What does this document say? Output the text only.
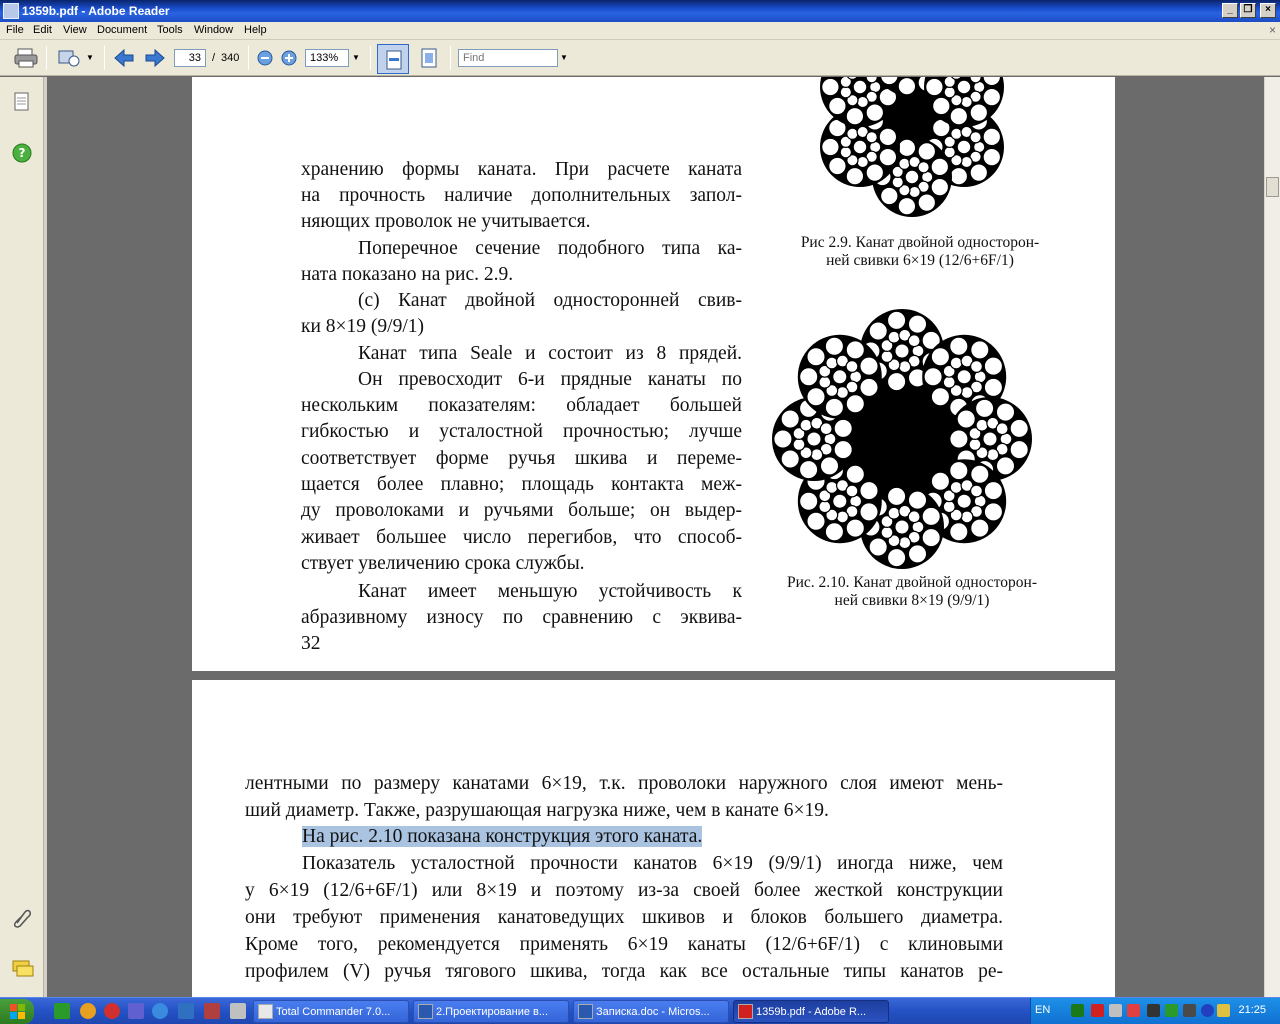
1359b.pdf - Adobe Reader	_	❐	×
File Edit View Document Tools Window Help	×
▼
33	/ 340
133%	▼
Find	▼
?
хранению формы каната. При расчете каната
на прочность наличие дополнительных запол-
няющих проволок не учитывается.
Поперечное сечение подобного типа ка-
ната показано на рис. 2.9.
(с) Канат двойной односторонней свив-
ки 8×19 (9/9/1)
Канат типа Seale и состоит из 8 прядей.
Он превосходит 6-и прядные канаты по
нескольким показателям: обладает большей
гибкостью и усталостной прочностью; лучше
соответствует форме ручья шкива и переме-
щается более плавно; площадь контакта меж-
ду проволоками и ручьями больше; он выдер-
живает большее число перегибов, что способ-
ствует увеличению срока службы.
Канат имеет меньшую устойчивость к
абразивному износу по сравнению с эквива-
32
Рис 2.9. Канат двойной односторон-
ней свивки 6×19 (12/6+6F/1)
Рис. 2.10. Канат двойной односторон-
ней свивки 8×19 (9/9/1)
лентными по размеру канатами 6×19, т.к. проволоки наружного слоя имеют мень-
ший диаметр. Также, разрушающая нагрузка ниже, чем в канате 6×19.
На рис. 2.10 показана конструкция этого каната.
Показатель усталостной прочности канатов 6×19 (9/9/1) иногда ниже, чем
у 6×19 (12/6+6F/1) или 8×19 и поэтому из-за своей более жесткой конструкции
они требуют применения канатоведущих шкивов и блоков большего диаметра.
Кроме того, рекомендуется применять 6×19 канаты (12/6+6F/1) с клиновыми
профилем (V) ручья тягового шкива, тогда как все остальные типы канатов ре-
Total Commander 7.0...	2.Проектирование в...	Записка.doc - Micros...	1359b.pdf - Adobe R...	EN	21:25
